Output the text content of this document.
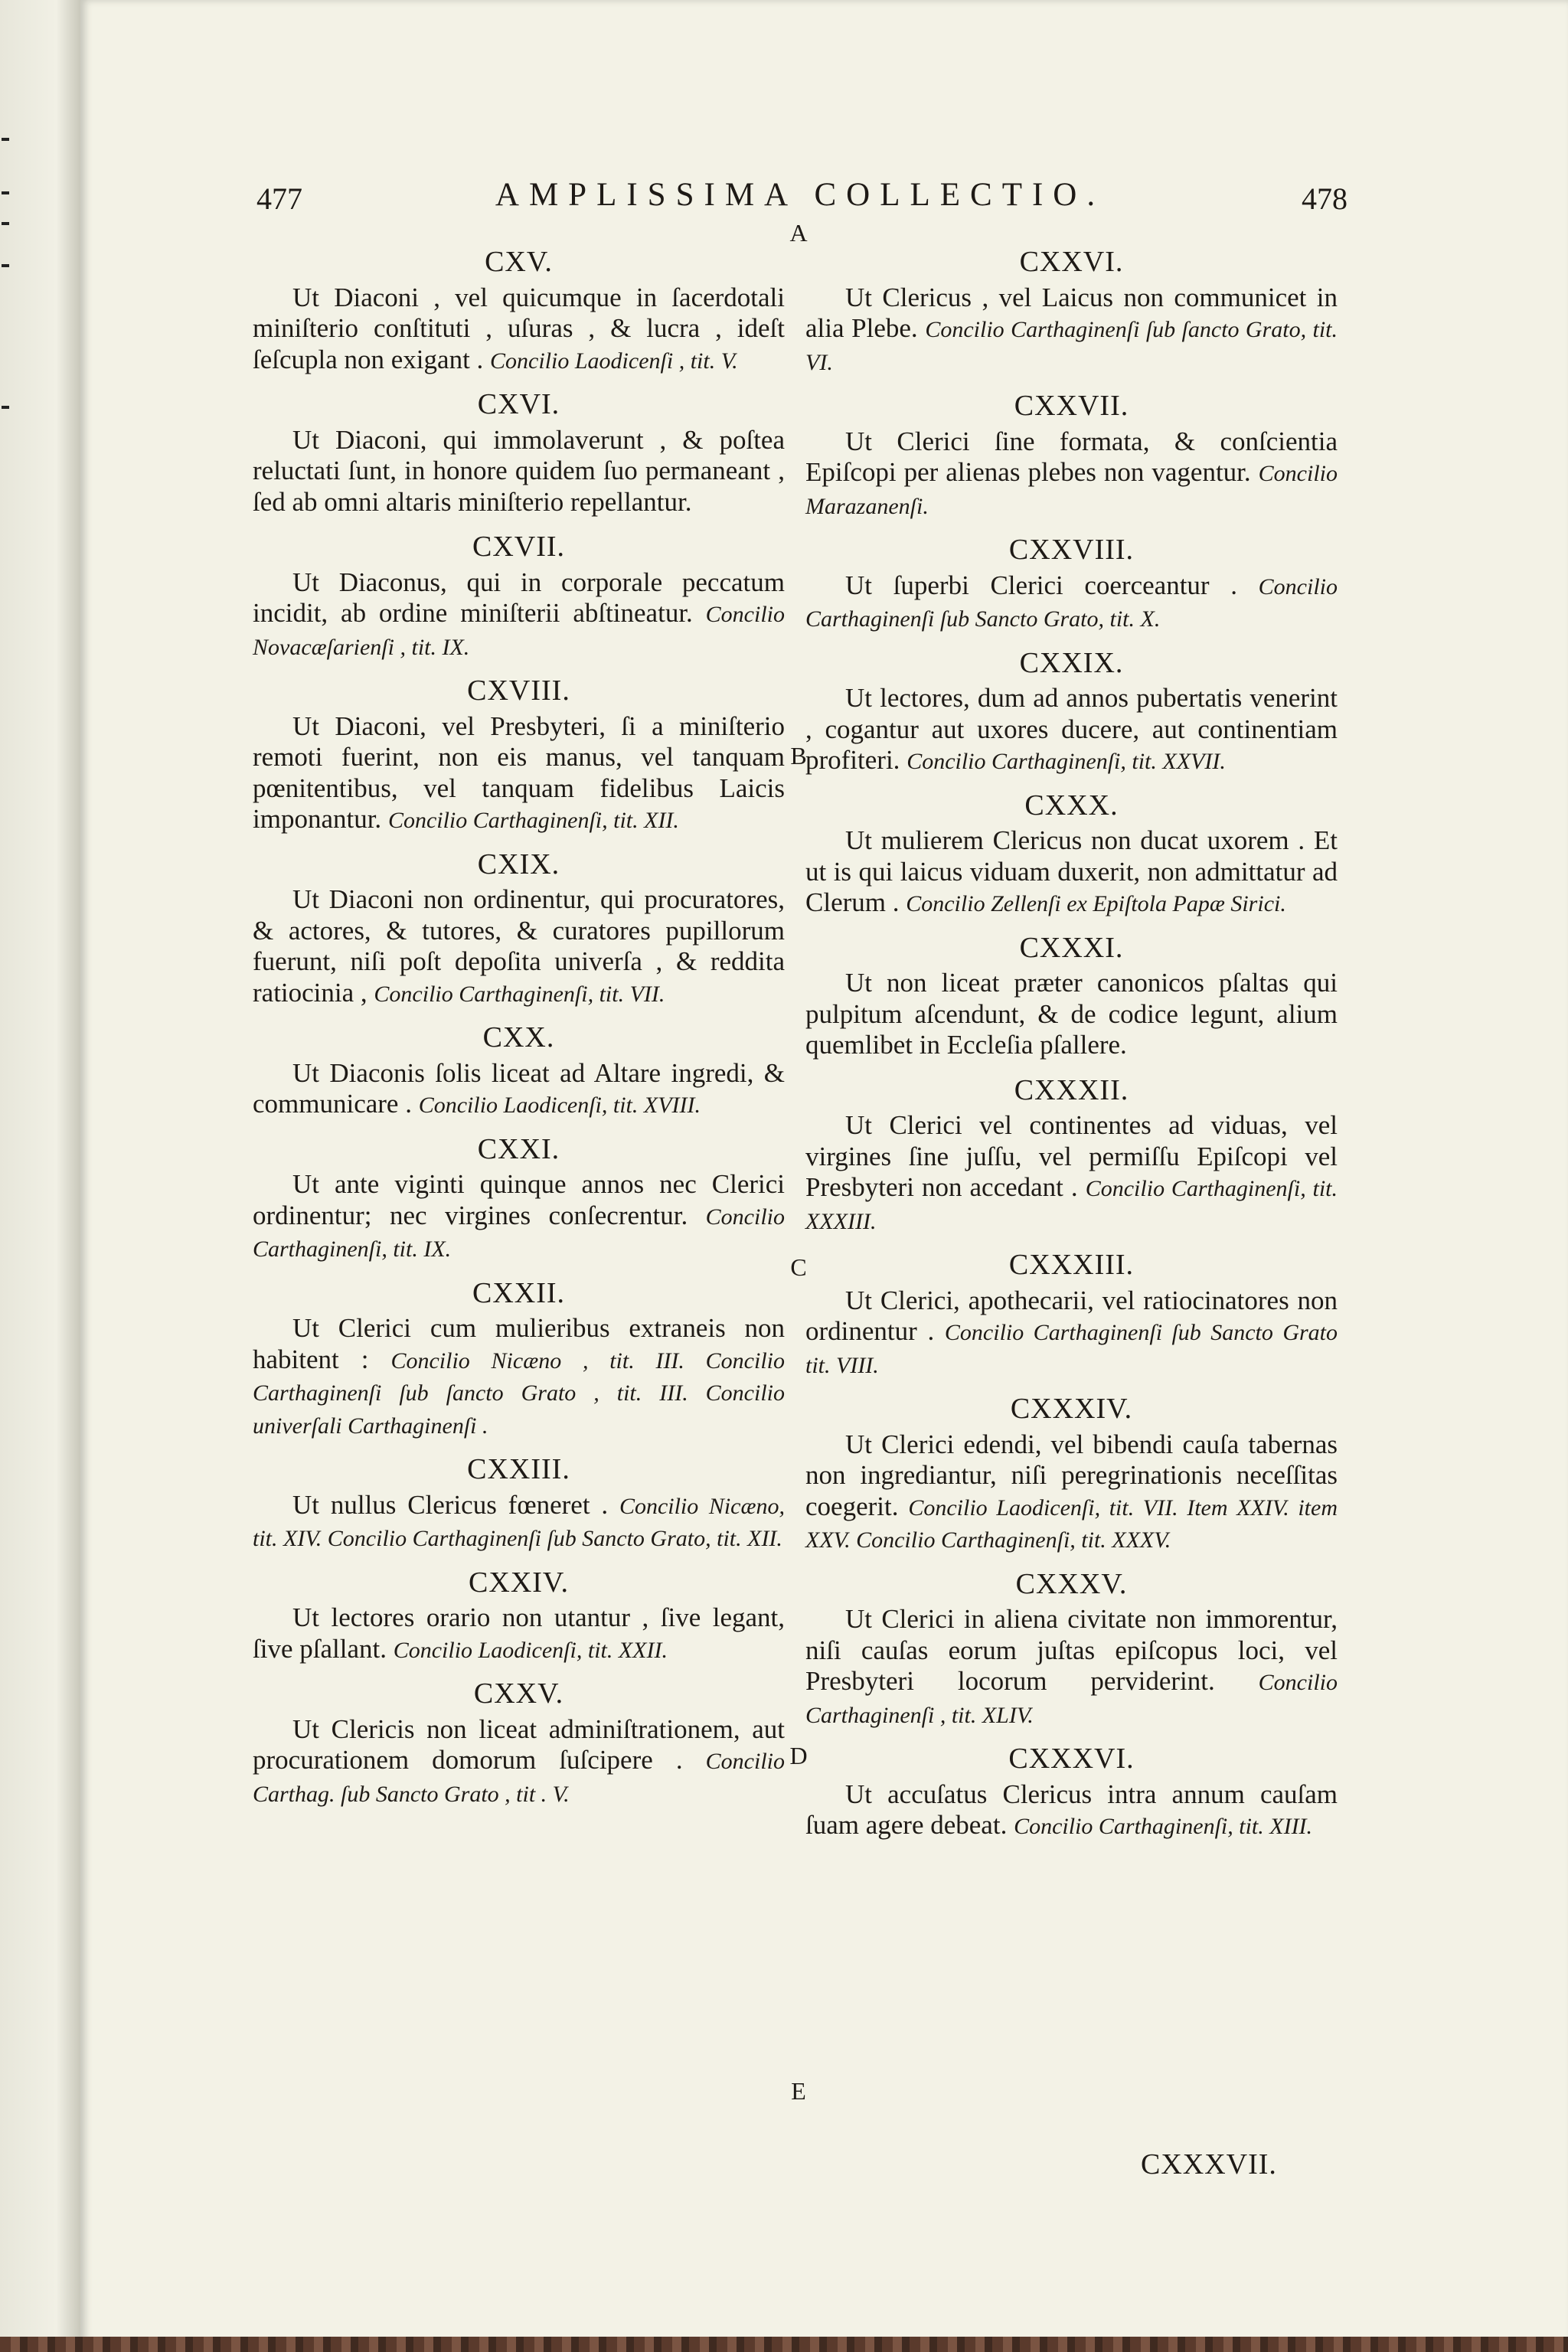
477	AMPLISSIMA COLLECTIO.	478
A
B
C
D
E
CXV.
Ut Diaconi , vel quicumque in ſacerdotali miniſterio conſtituti , uſuras , & lucra , ideſt ſeſcupla non exigant . Concilio Laodicenſi , tit. V.
CXVI.
Ut Diaconi, qui immolaverunt , & poſtea reluctati ſunt, in honore quidem ſuo permaneant , ſed ab omni altaris miniſterio repellantur.
CXVII.
Ut Diaconus, qui in corporale peccatum incidit, ab ordine miniſterii abſtineatur. Concilio Novacæſarienſi , tit. IX.
CXVIII.
Ut Diaconi, vel Presbyteri, ſi a miniſterio remoti fuerint, non eis manus, vel tanquam pœnitentibus, vel tanquam fidelibus Laicis imponantur. Concilio Carthaginenſi, tit. XII.
CXIX.
Ut Diaconi non ordinentur, qui procuratores, & actores, & tutores, & curatores pupillorum fuerunt, niſi poſt depoſita univerſa , & reddita ratiocinia , Concilio Carthaginenſi, tit. VII.
CXX.
Ut Diaconis ſolis liceat ad Altare ingredi, & communicare . Concilio Laodicenſi, tit. XVIII.
CXXI.
Ut ante viginti quinque annos nec Clerici ordinentur; nec virgines conſecrentur. Concilio Carthaginenſi, tit. IX.
CXXII.
Ut Clerici cum mulieribus extraneis non habitent : Concilio Nicæno , tit. III. Concilio Carthaginenſi ſub ſancto Grato , tit. III. Concilio univerſali Carthaginenſi .
CXXIII.
Ut nullus Clericus fœneret . Concilio Nicæno, tit. XIV. Concilio Carthaginenſi ſub Sancto Grato, tit. XII.
CXXIV.
Ut lectores orario non utantur , ſive legant, ſive pſallant. Concilio Laodicenſi, tit. XXII.
CXXV.
Ut Clericis non liceat adminiſtrationem, aut procurationem domorum ſuſcipere . Concilio Carthag. ſub Sancto Grato , tit . V.
CXXVI.
Ut Clericus , vel Laicus non communicet in alia Plebe. Concilio Carthaginenſi ſub ſancto Grato, tit. VI.
CXXVII.
Ut Clerici ſine formata, & conſcientia Epiſcopi per alienas plebes non vagentur. Concilio Marazanenſi.
CXXVIII.
Ut ſuperbi Clerici coerceantur . Concilio Carthaginenſi ſub Sancto Grato, tit. X.
CXXIX.
Ut lectores, dum ad annos pubertatis venerint , cogantur aut uxores ducere, aut continentiam profiteri. Concilio Carthaginenſi, tit. XXVII.
CXXX.
Ut mulierem Clericus non ducat uxorem . Et ut is qui laicus viduam duxerit, non admittatur ad Clerum . Concilio Zellenſi ex Epiſtola Papæ Sirici.
CXXXI.
Ut non liceat præter canonicos pſaltas qui pulpitum aſcendunt, & de codice legunt, alium quemlibet in Eccleſia pſallere.
CXXXII.
Ut Clerici vel continentes ad viduas, vel virgines ſine juſſu, vel permiſſu Epiſcopi vel Presbyteri non accedant . Concilio Carthaginenſi, tit. XXXIII.
CXXXIII.
Ut Clerici, apothecarii, vel ratiocinatores non ordinentur . Concilio Carthaginenſi ſub Sancto Grato tit. VIII.
CXXXIV.
Ut Clerici edendi, vel bibendi cauſa tabernas non ingrediantur, niſi peregrinationis neceſſitas coegerit. Concilio Laodicenſi, tit. VII. Item XXIV. item XXV. Concilio Carthaginenſi, tit. XXXV.
CXXXV.
Ut Clerici in aliena civitate non immorentur, niſi cauſas eorum juſtas epiſcopus loci, vel Presbyteri locorum perviderint. Concilio Carthaginenſi , tit. XLIV.
CXXXVI.
Ut accuſatus Clericus intra annum cauſam ſuam agere debeat. Concilio Carthaginenſi, tit. XIII.
CXXXVII.
